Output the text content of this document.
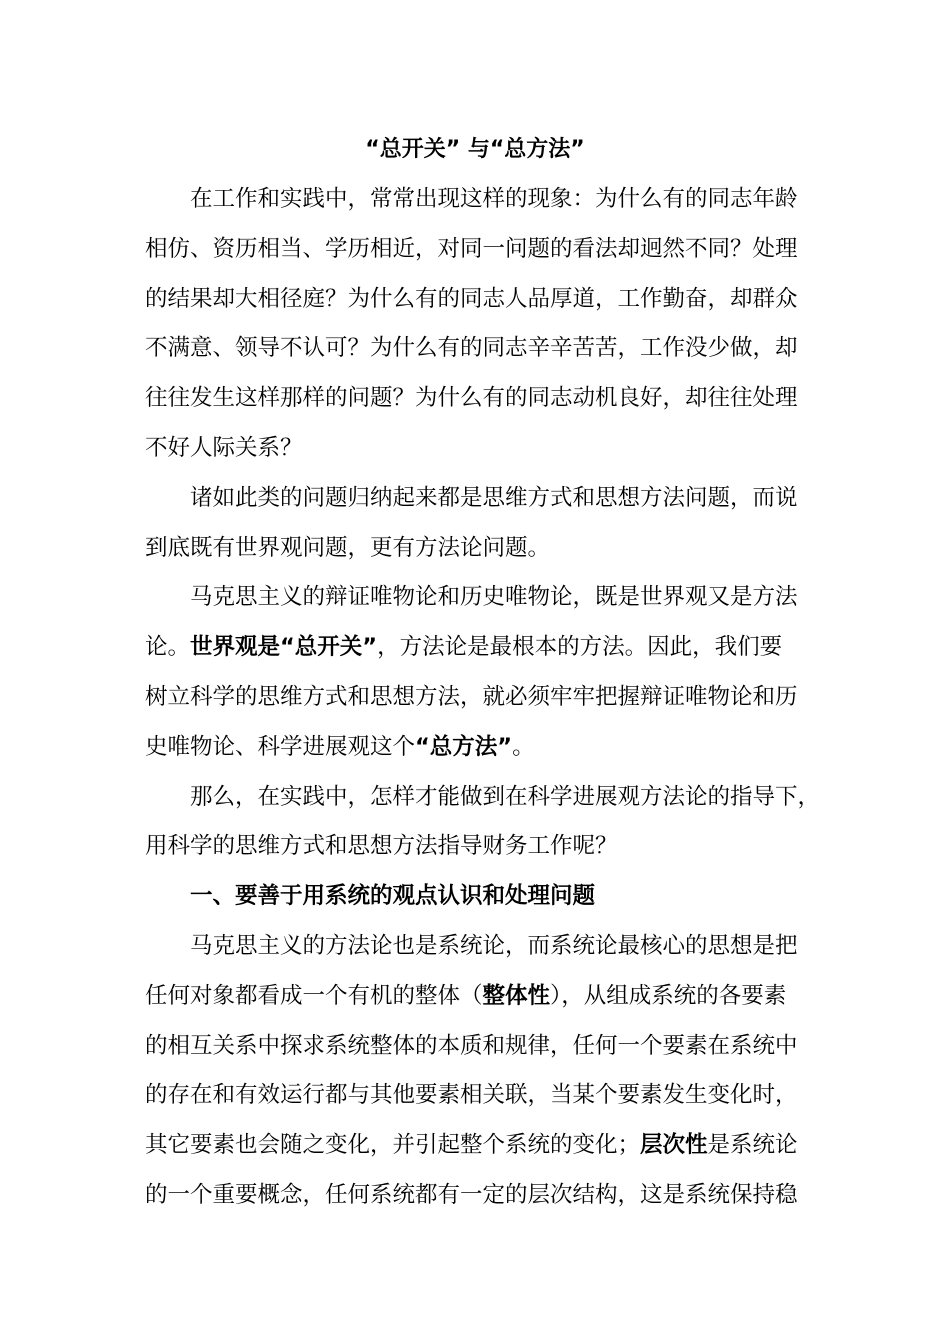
“总开关” 与“总方法”
在工作和实践中，常常出现这样的现象：为什么有的同志年龄
相仿、资历相当、学历相近，对同一问题的看法却迥然不同？处理
的结果却大相径庭？为什么有的同志人品厚道，工作勤奋，却群众
不满意、领导不认可？为什么有的同志辛辛苦苦，工作没少做，却
往往发生这样那样的问题？为什么有的同志动机良好，却往往处理
不好人际关系？
诸如此类的问题归纳起来都是思维方式和思想方法问题，而说
到底既有世界观问题，更有方法论问题。
马克思主义的辩证唯物论和历史唯物论，既是世界观又是方法
论。世界观是“总开关”，方法论是最根本的方法。因此，我们要
树立科学的思维方式和思想方法，就必须牢牢把握辩证唯物论和历
史唯物论、科学进展观这个“总方法”。
那么，在实践中，怎样才能做到在科学进展观方法论的指导下，
用科学的思维方式和思想方法指导财务工作呢？
一、要善于用系统的观点认识和处理问题
马克思主义的方法论也是系统论，而系统论最核心的思想是把
任何对象都看成一个有机的整体（整体性），从组成系统的各要素
的相互关系中探求系统整体的本质和规律，任何一个要素在系统中
的存在和有效运行都与其他要素相关联，当某个要素发生变化时，
其它要素也会随之变化，并引起整个系统的变化；层次性是系统论
的一个重要概念，任何系统都有一定的层次结构，这是系统保持稳
